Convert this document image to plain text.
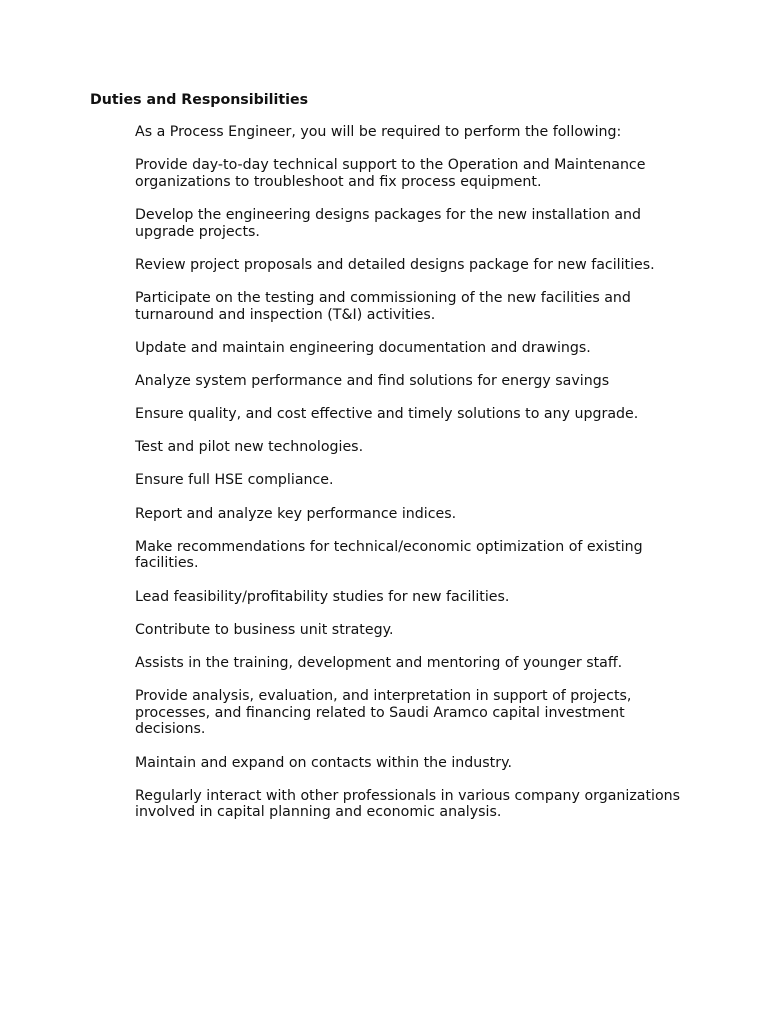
Duties and Responsibilities

As a Process Engineer, you will be required to perform the following:

Provide day-to-day technical support to the Operation and Maintenance
organizations to troubleshoot and fix process equipment.

Develop the engineering designs packages for the new installation and
upgrade projects.

Review project proposals and detailed designs package for new facilities.

Participate on the testing and commissioning of the new facilities and
turnaround and inspection (T&I) activities.

Update and maintain engineering documentation and drawings.

Analyze system performance and find solutions for energy savings

Ensure quality, and cost effective and timely solutions to any upgrade.

Test and pilot new technologies.

Ensure full HSE compliance.

Report and analyze key performance indices.

Make recommendations for technical/economic optimization of existing
facilities.

Lead feasibility/profitability studies for new facilities.

Contribute to business unit strategy.

Assists in the training, development and mentoring of younger staff.

Provide analysis, evaluation, and interpretation in support of projects,
processes, and financing related to Saudi Aramco capital investment
decisions.

Maintain and expand on contacts within the industry.

Regularly interact with other professionals in various company organizations
involved in capital planning and economic analysis.
